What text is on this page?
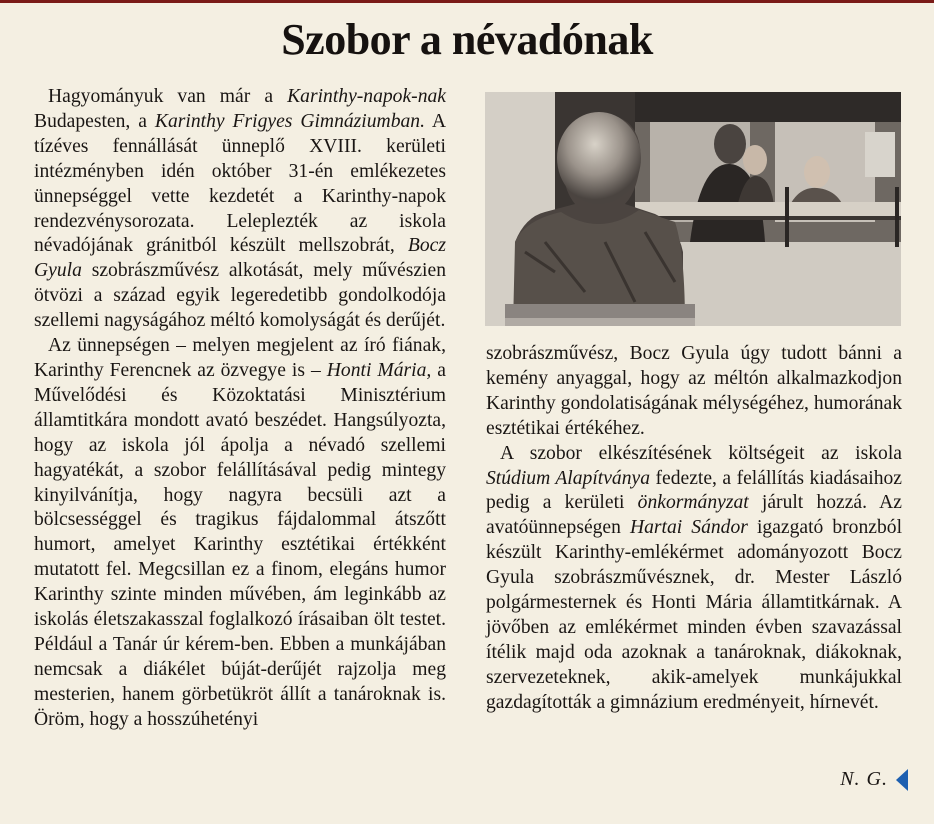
Szobor a névadónak

Hagyományuk van már a Karinthy-napok-nak Budapesten, a Karinthy Frigyes Gimnáziumban. A tízéves fennállását ünneplő XVIII. kerületi intézményben idén október 31-én emlékezetes ünnepséggel vette kezdetét a Karinthy-napok rendezvénysorozata. Leleplezték az iskola névadójának gránitból készült mellszobrát, Bocz Gyula szobrászművész alkotását, mely művészien ötvözi a század egyik legeredetibb gondolkodója szellemi nagyságához méltó komolyságát és derűjét.

Az ünnepségen – melyen megjelent az író fiának, Karinthy Ferencnek az özvegye is – Honti Mária, a Művelődési és Közoktatási Minisztérium államtitkára mondott avató beszédet. Hangsúlyozta, hogy az iskola jól ápolja a névadó szellemi hagyatékát, a szobor felállításával pedig mintegy kinyilvánítja, hogy nagyra becsüli azt a bölcsességgel és tragikus fájdalommal átszőtt humort, amelyet Karinthy esztétikai értékként mutatott fel. Megcsillan ez a finom, elegáns humor Karinthy szinte minden művében, ám leginkább az iskolás életszakasszal foglalkozó írásaiban ölt testet. Például a Tanár úr kérem-ben. Ebben a munkájában nemcsak a diákélet búját-derűjét rajzolja meg mesterien, hanem görbetükröt állít a tanároknak is. Öröm, hogy a hosszúhetényi

szobrászművész, Bocz Gyula úgy tudott bánni a kemény anyaggal, hogy az méltón alkalmazkodjon Karinthy gondolatiságának mélységéhez, humorának esztétikai értékéhez.

A szobor elkészítésének költségeit az iskola Stúdium Alapítványa fedezte, a felállítás kiadásaihoz pedig a kerületi önkormányzat járult hozzá. Az avatóünnepségen Hartai Sándor igazgató bronzból készült Karinthy-emlékérmet adományozott Bocz Gyula szobrászművésznek, dr. Mester László polgármesternek és Honti Mária államtitkárnak. A jövőben az emlékérmet minden évben szavazással ítélik majd oda azoknak a tanároknak, diákoknak, szervezeteknek, akik-amelyek munkájukkal gazdagították a gimnázium eredményeit, hírnevét.

N. G.
